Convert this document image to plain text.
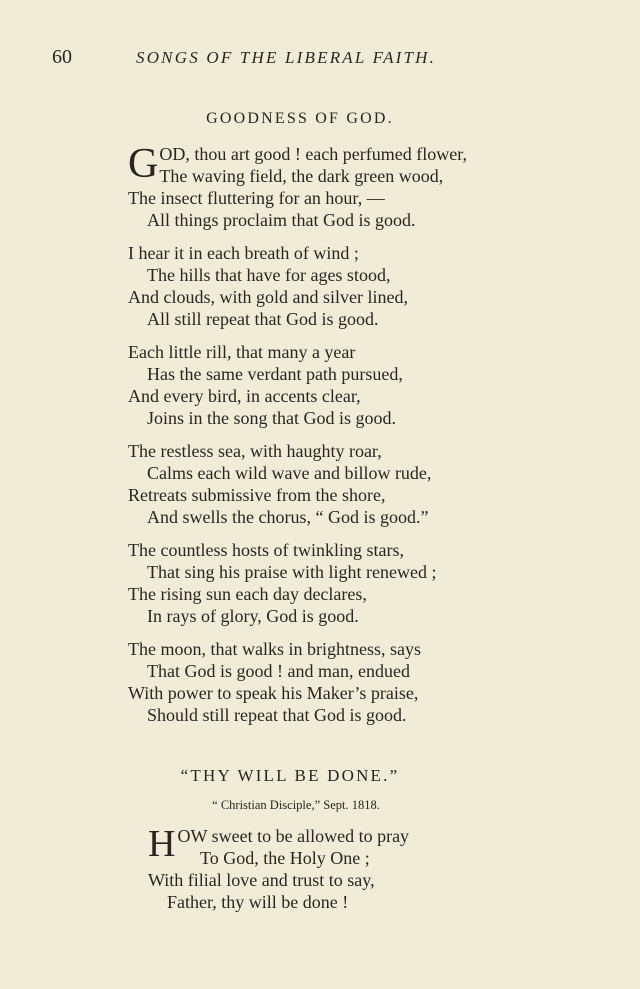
60	SONGS OF THE LIBERAL FAITH.
GOODNESS OF GOD.
GOD, thou art good ! each perfumed flower,
The waving field, the dark green wood,
The insect fluttering for an hour, —
All things proclaim that God is good.
I hear it in each breath of wind ;
The hills that have for ages stood,
And clouds, with gold and silver lined,
All still repeat that God is good.
Each little rill, that many a year
Has the same verdant path pursued,
And every bird, in accents clear,
Joins in the song that God is good.
The restless sea, with haughty roar,
Calms each wild wave and billow rude,
Retreats submissive from the shore,
And swells the chorus, “ God is good.”
The countless hosts of twinkling stars,
That sing his praise with light renewed ;
The rising sun each day declares,
In rays of glory, God is good.
The moon, that walks in brightness, says
That God is good ! and man, endued
With power to speak his Maker’s praise,
Should still repeat that God is good.
“THY WILL BE DONE.”
“ Christian Disciple,” Sept. 1818.
HOW sweet to be allowed to pray
To God, the Holy One ;
With filial love and trust to say,
Father, thy will be done !
